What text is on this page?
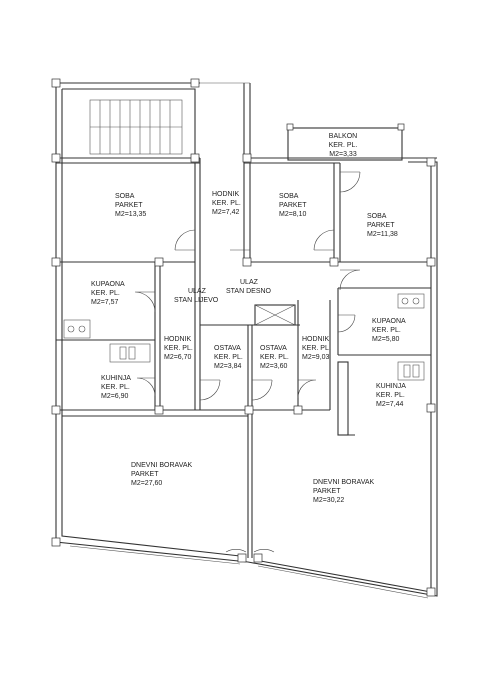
BALKON KER. PL. M2=3,33
SOBA PARKET M2=13,35
HODNIK KER. PL. M2=7,42
SOBA PARKET M2=8,10	SOBA PARKET M2=11,38
KUPAONA KER. PL. M2=7,57
ULAZ STAN LIJEVO
ULAZ STAN DESNO
KUPAONA KER. PL. M2=5,80
HODNIK KER. PL. M2=6,70
OSTAVA KER. PL. M2=3,84
OSTAVA KER. PL. M2=3,60
HODNIK KER. PL. M2=9,03
KUHINJA KER. PL. M2=6,90
KUHINJA KER. PL. M2=7,44
DNEVNI BORAVAK PARKET M2=27,60	DNEVNI BORAVAK PARKET M2=30,22
